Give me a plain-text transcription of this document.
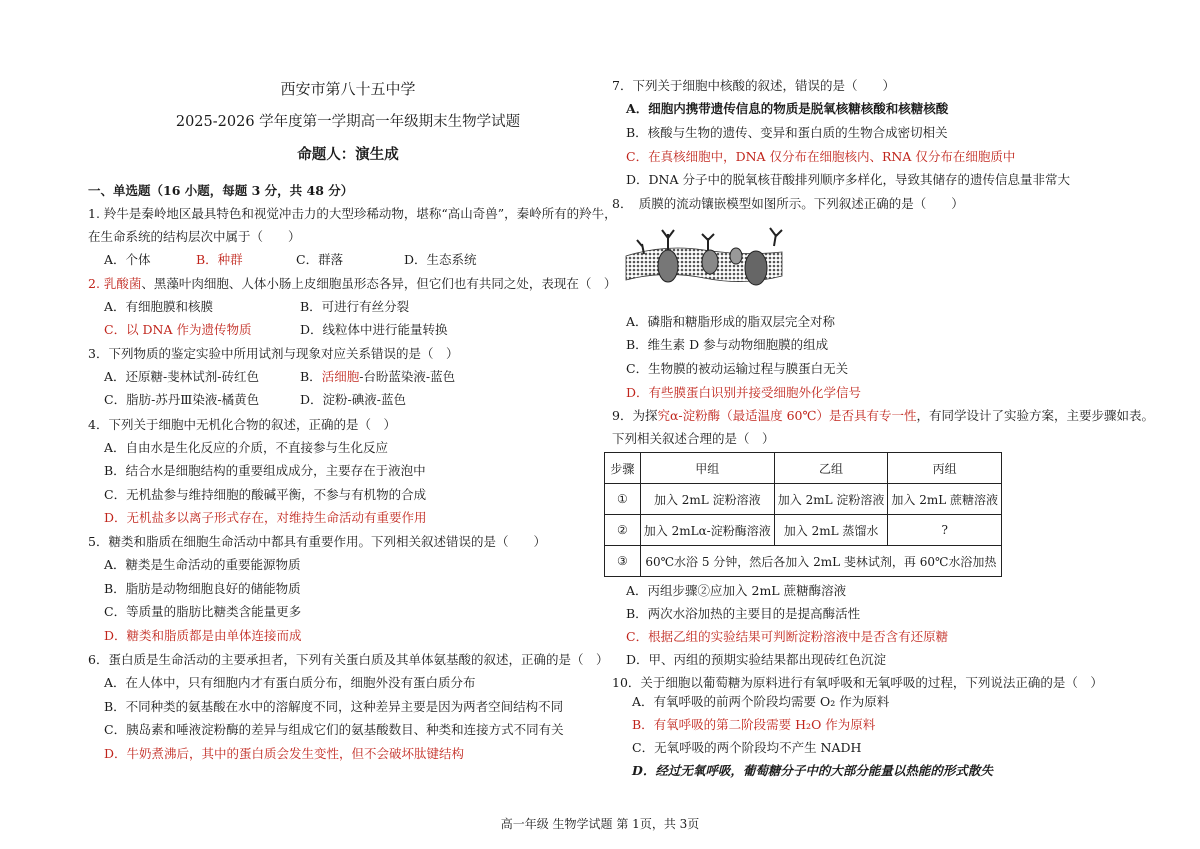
西安市第八十五中学
2025-2026 学年度第一学期高一年级期末生物学试题
命题人：演生成
一、单选题（16 小题，每题 3 分，共 48 分）
1. 羚牛是秦岭地区最具特色和视觉冲击力的大型珍稀动物，堪称“高山奇兽”，秦岭所有的羚牛，
在生命系统的结构层次中属于（　　）
A．个体	B．种群	C．群落	D．生态系统
2. 乳酸菌、黑藻叶肉细胞、人体小肠上皮细胞虽形态各异，但它们也有共同之处，表现在（　）
A．有细胞膜和核膜	B．可进行有丝分裂
C．以 DNA 作为遗传物质	D．线粒体中进行能量转换
3．下列物质的鉴定实验中所用试剂与现象对应关系错误的是（　）
A．还原糖-斐林试剂-砖红色	B．活细胞-台盼蓝染液-蓝色
C．脂肪-苏丹Ⅲ染液-橘黄色	D．淀粉-碘液-蓝色
4．下列关于细胞中无机化合物的叙述，正确的是（　）
A．自由水是生化反应的介质，不直接参与生化反应
B．结合水是细胞结构的重要组成成分，主要存在于液泡中
C．无机盐参与维持细胞的酸碱平衡，不参与有机物的合成
D．无机盐多以离子形式存在，对维持生命活动有重要作用
5．糖类和脂质在细胞生命活动中都具有重要作用。下列相关叙述错误的是（　　）
A．糖类是生命活动的重要能源物质
B．脂肪是动物细胞良好的储能物质
C．等质量的脂肪比糖类含能量更多
D．糖类和脂质都是由单体连接而成
6．蛋白质是生命活动的主要承担者，下列有关蛋白质及其单体氨基酸的叙述，正确的是（　）
A．在人体中，只有细胞内才有蛋白质分布，细胞外没有蛋白质分布
B．不同种类的氨基酸在水中的溶解度不同，这种差异主要是因为两者空间结构不同
C．胰岛素和唾液淀粉酶的差异与组成它们的氨基酸数目、种类和连接方式不同有关
D．牛奶煮沸后，其中的蛋白质会发生变性，但不会破坏肽键结构
7．下列关于细胞中核酸的叙述，错误的是（　　）
A．细胞内携带遗传信息的物质是脱氧核糖核酸和核糖核酸
B．核酸与生物的遗传、变异和蛋白质的生物合成密切相关
C．在真核细胞中，DNA 仅分布在细胞核内、RNA 仅分布在细胞质中
D．DNA 分子中的脱氧核苷酸排列顺序多样化，导致其储存的遗传信息量非常大
8．　质膜的流动镶嵌模型如图所示。下列叙述正确的是（　　）
A．磷脂和糖脂形成的脂双层完全对称
B．维生素 D 参与动物细胞膜的组成
C．生物膜的被动运输过程与膜蛋白无关
D．有些膜蛋白识别并接受细胞外化学信号
9．为探究α-淀粉酶（最适温度 60℃）是否具有专一性，有同学设计了实验方案，主要步骤如表。
下列相关叙述合理的是（　）
步骤	甲组	乙组	丙组
①	加入 2mL 淀粉溶液	加入 2mL 淀粉溶液	加入 2mL 蔗糖溶液
②	加入 2mLα-淀粉酶溶液	加入 2mL 蒸馏水	?
③	60℃水浴 5 分钟，然后各加入 2mL 斐林试剂，再 60℃水浴加热		
A．丙组步骤②应加入 2mL 蔗糖酶溶液
B．两次水浴加热的主要目的是提高酶活性
C．根据乙组的实验结果可判断淀粉溶液中是否含有还原糖
D．甲、丙组的预期实验结果都出现砖红色沉淀
10．关于细胞以葡萄糖为原料进行有氧呼吸和无氧呼吸的过程，下列说法正确的是（　）
A．有氧呼吸的前两个阶段均需要 O₂ 作为原料
B．有氧呼吸的第二阶段需要 H₂O 作为原料
C．无氧呼吸的两个阶段均不产生 NADH
D．经过无氧呼吸，葡萄糖分子中的大部分能量以热能的形式散失
高一年级 生物学试题 第 1页，共 3页
